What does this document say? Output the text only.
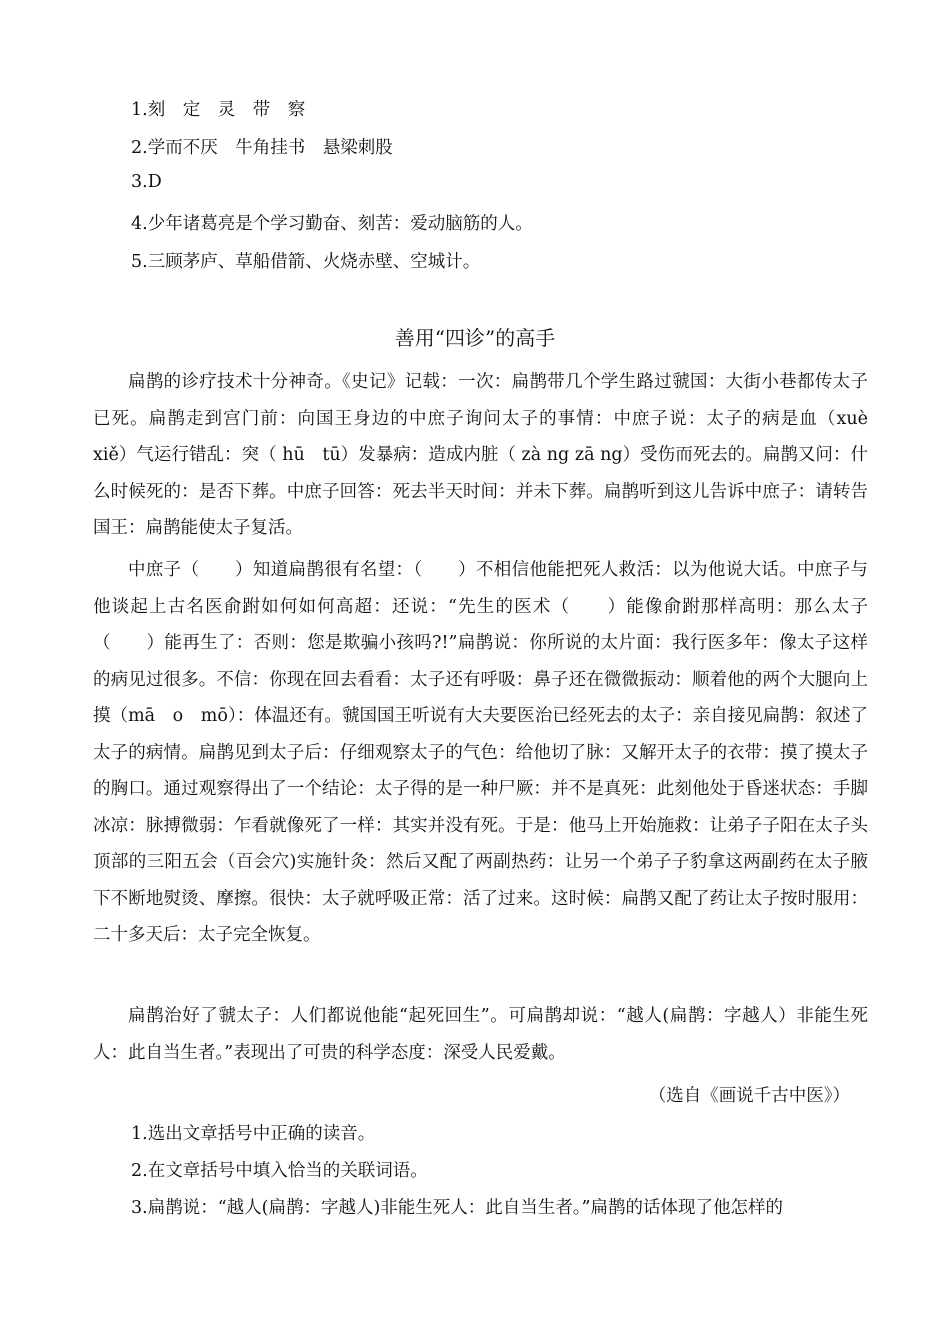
1.刻　定　灵　带　察
2.学而不厌　牛角挂书　悬梁刺股
3.D
4.少年诸葛亮是个学习勤奋、刻苦：爱动脑筋的人。
5.三顾茅庐、草船借箭、火烧赤壁、空城计。
善用“四诊”的高手

扁鹊的诊疗技术十分神奇。《史记》记载：一次：扁鹊带几个学生路过虢国：大街小巷都传太子已死。扁鹊走到宫门前：向国王身边的中庶子询问太子的事情：中庶子说：太子的病是血（xuè　xiě）气运行错乱：突（ hū　tū）发暴病：造成内脏（ zà ng zā ng）受伤而死去的。扁鹊又问：什么时候死的：是否下葬。中庶子回答：死去半天时间：并未下葬。扁鹊听到这儿告诉中庶子：请转告国王：扁鹊能使太子复活。

中庶子（　　）知道扁鹊很有名望：（　　）不相信他能把死人救活：以为他说大话。中庶子与他谈起上古名医俞跗如何如何高超：还说：“先生的医术（　　）能像俞跗那样高明：那么太子（　　）能再生了：否则：您是欺骗小孩吗?!”扁鹊说：你所说的太片面：我行医多年：像太子这样的病见过很多。不信：你现在回去看看：太子还有呼吸：鼻子还在微微振动：顺着他的两个大腿向上摸（mā　o　mō）：体温还有。虢国国王听说有大夫要医治已经死去的太子：亲自接见扁鹊：叙述了太子的病情。扁鹊见到太子后：仔细观察太子的气色：给他切了脉：又解开太子的衣带：摸了摸太子的胸口。通过观察得出了一个结论：太子得的是一种尸厥：并不是真死：此刻他处于昏迷状态：手脚冰凉：脉搏微弱：乍看就像死了一样：其实并没有死。于是：他马上开始施救：让弟子子阳在太子头顶部的三阳五会（百会穴)实施针灸：然后又配了两副热药：让另一个弟子子豹拿这两副药在太子腋下不断地熨烫、摩擦。很快：太子就呼吸正常：活了过来。这时候：扁鹊又配了药让太子按时服用：二十多天后：太子完全恢复。

扁鹊治好了虢太子：人们都说他能“起死回生”。可扁鹊却说：“越人(扁鹊：字越人）非能生死人：此自当生者。”表现出了可贵的科学态度：深受人民爱戴。

（选自《画说千古中医》）
1.选出文章括号中正确的读音。
2.在文章括号中填入恰当的关联词语。
3.扁鹊说：“越人(扁鹊：字越人)非能生死人：此自当生者。”扁鹊的话体现了他怎样的
